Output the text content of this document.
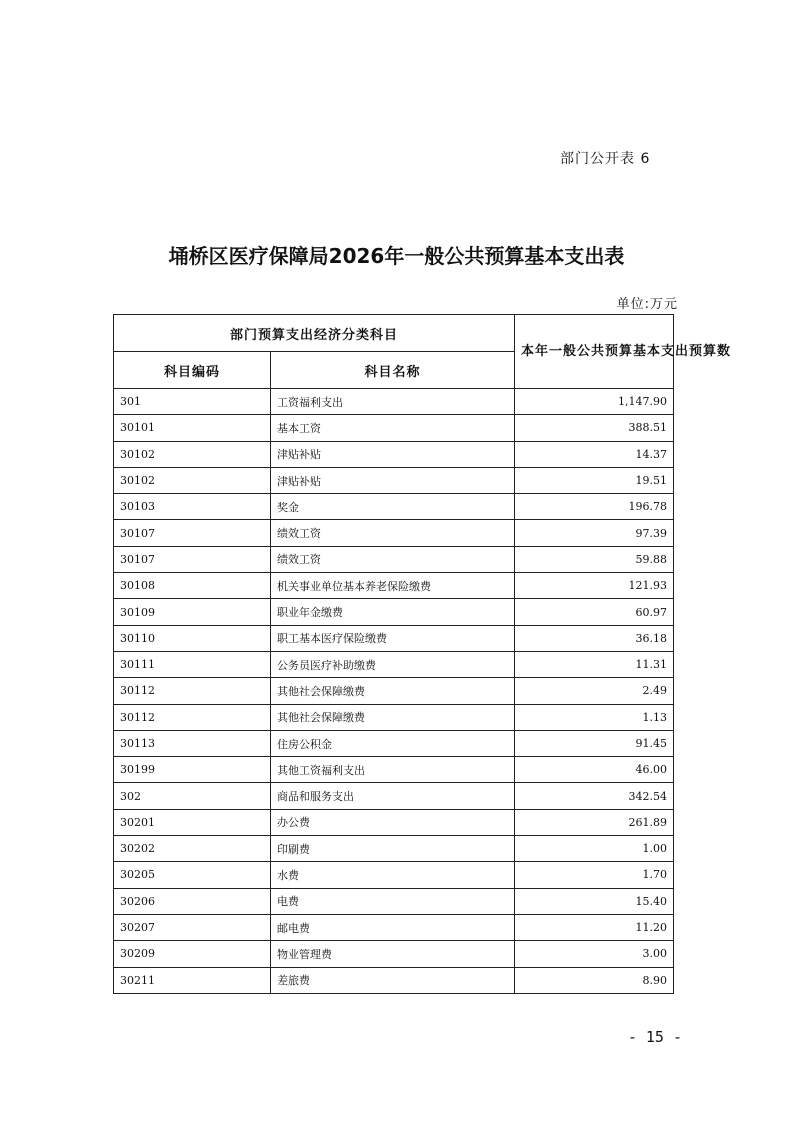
部门公开表 6
埇桥区医疗保障局2026年一般公共预算基本支出表
单位:万元
部门预算支出经济分类科目		本年一般公共预算基本支出预算数
科目编码	科目名称	
301	工资福利支出	1,147.90
30101	基本工资	388.51
30102	津贴补贴	14.37
30102	津贴补贴	19.51
30103	奖金	196.78
30107	绩效工资	97.39
30107	绩效工资	59.88
30108	机关事业单位基本养老保险缴费	121.93
30109	职业年金缴费	60.97
30110	职工基本医疗保险缴费	36.18
30111	公务员医疗补助缴费	11.31
30112	其他社会保障缴费	2.49
30112	其他社会保障缴费	1.13
30113	住房公积金	91.45
30199	其他工资福利支出	46.00
302	商品和服务支出	342.54
30201	办公费	261.89
30202	印刷费	1.00
30205	水费	1.70
30206	电费	15.40
30207	邮电费	11.20
30209	物业管理费	3.00
30211	差旅费	8.90
- 15 -
